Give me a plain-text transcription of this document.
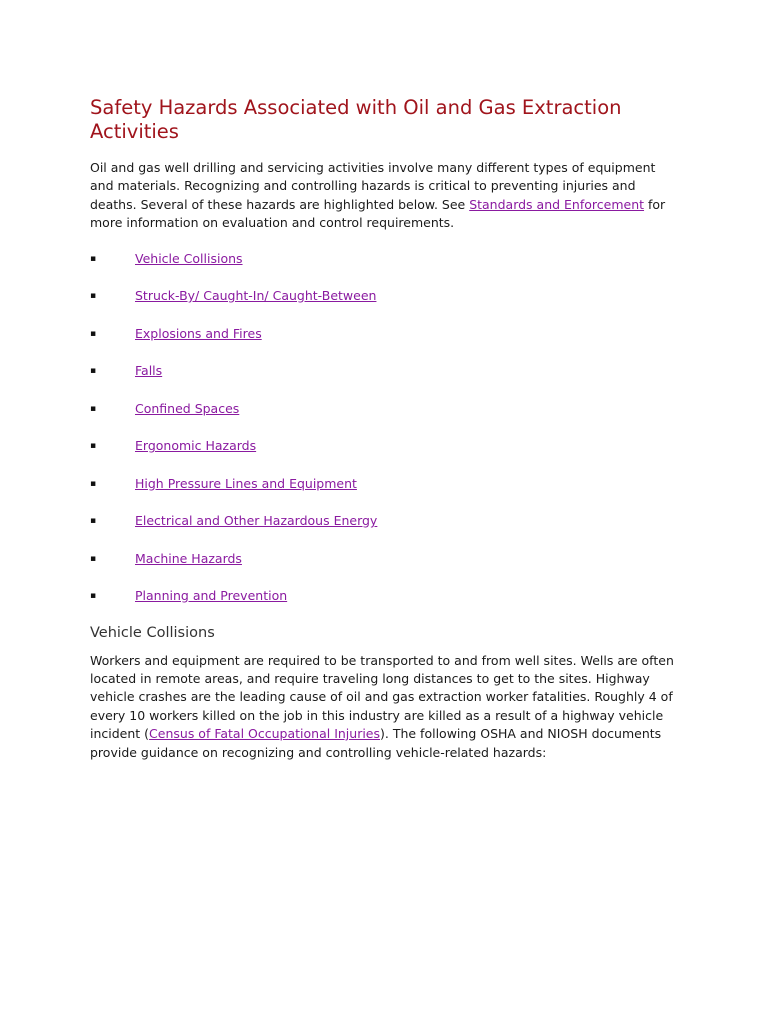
Safety Hazards Associated with Oil and Gas Extraction Activities

Oil and gas well drilling and servicing activities involve many different types of equipment and materials. Recognizing and controlling hazards is critical to preventing injuries and deaths. Several of these hazards are highlighted below. See Standards and Enforcement for more information on evaluation and control requirements.

▪	Vehicle Collisions
▪	Struck-By/ Caught-In/ Caught-Between
▪	Explosions and Fires
▪	Falls
▪	Confined Spaces
▪	Ergonomic Hazards
▪	High Pressure Lines and Equipment
▪	Electrical and Other Hazardous Energy
▪	Machine Hazards
▪	Planning and Prevention
Vehicle Collisions

Workers and equipment are required to be transported to and from well sites. Wells are often located in remote areas, and require traveling long distances to get to the sites. Highway vehicle crashes are the leading cause of oil and gas extraction worker fatalities. Roughly 4 of every 10 workers killed on the job in this industry are killed as a result of a highway vehicle incident (Census of Fatal Occupational Injuries). The following OSHA and NIOSH documents provide guidance on recognizing and controlling vehicle-related hazards:
